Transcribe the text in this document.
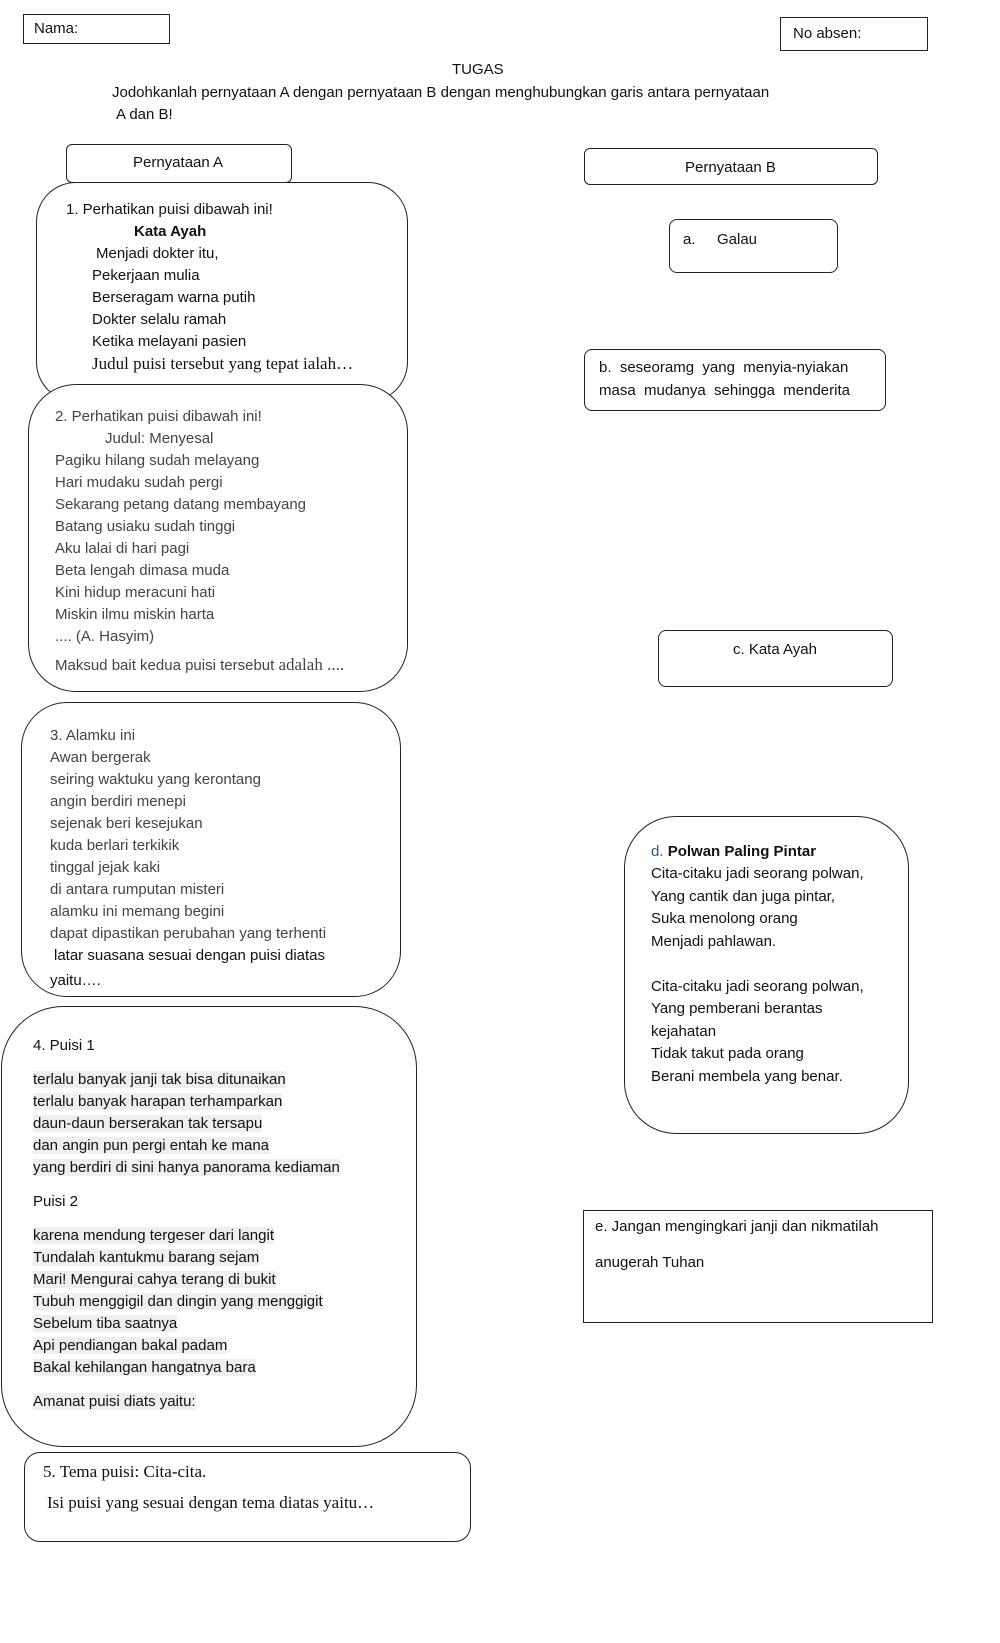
Nama:	No absen:
TUGAS
Jodohkanlah pernyataan A dengan pernyataan B dengan menghubungkan garis antara pernyataan
A dan B!
Pernyataan A	Pernyataan B
1. Perhatikan puisi dibawah ini!
Kata Ayah
Menjadi dokter itu,
Pekerjaan mulia
Berseragam warna putih
Dokter selalu ramah
Ketika melayani pasien
Judul puisi tersebut yang tepat ialah…
2. Perhatikan puisi dibawah ini!
Judul: Menyesal
Pagiku hilang sudah melayang
Hari mudaku sudah pergi
Sekarang petang datang membayang
Batang usiaku sudah tinggi
Aku lalai di hari pagi
Beta lengah dimasa muda
Kini hidup meracuni hati
Miskin ilmu miskin harta
.... (A. Hasyim)
Maksud bait kedua puisi tersebut adalah ....
3. Alamku ini
Awan bergerak
seiring waktuku yang kerontang
angin berdiri menepi
sejenak beri kesejukan
kuda berlari terkikik
tinggal jejak kaki
di antara rumputan misteri
alamku ini memang begini
dapat dipastikan perubahan yang terhenti
latar suasana sesuai dengan puisi diatas
yaitu….
4. Puisi 1
terlalu banyak janji tak bisa ditunaikan
terlalu banyak harapan terhamparkan
daun-daun berserakan tak tersapu
dan angin pun pergi entah ke mana
yang berdiri di sini hanya panorama kediaman
Puisi 2
karena mendung tergeser dari langit
Tundalah kantukmu barang sejam
Mari! Mengurai cahya terang di bukit
Tubuh menggigil dan dingin yang menggigit
Sebelum tiba saatnya
Api pendiangan bakal padam
Bakal kehilangan hangatnya bara
Amanat puisi diats yaitu:
5. Tema puisi: Cita-cita.
Isi puisi yang sesuai dengan tema diatas yaitu…
a. Galau
b.  seseoramg  yang  menyia-nyiakan
masa  mudanya  sehingga  menderita
c. Kata Ayah
d. Polwan Paling Pintar
Cita-citaku jadi seorang polwan,
Yang cantik dan juga pintar,
Suka menolong orang
Menjadi pahlawan.
Cita-citaku jadi seorang polwan,
Yang pemberani berantas
kejahatan
Tidak takut pada orang
Berani membela yang benar.
e. Jangan mengingkari janji dan nikmatilah
anugerah Tuhan
